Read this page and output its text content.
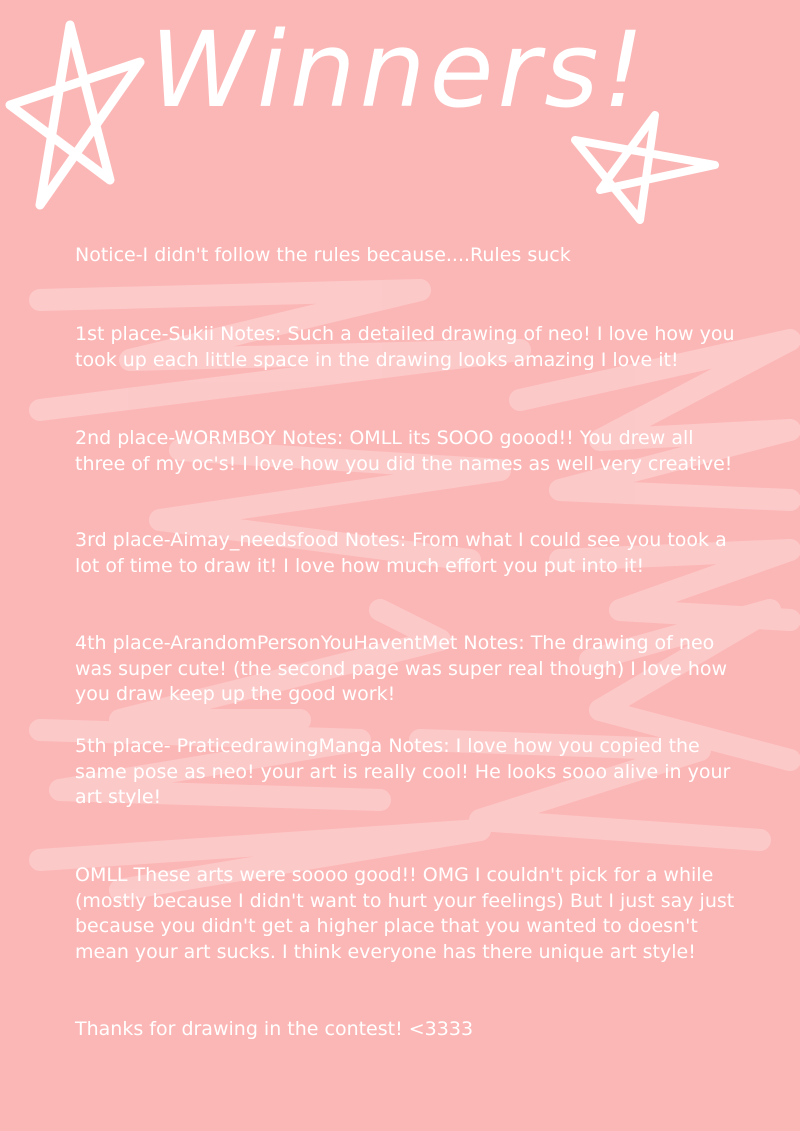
Winners!

Notice-I didn't follow the rules because....Rules suck

1st place-Sukii Notes: Such a detailed drawing of neo! I love how you took up each little space in the drawing looks amazing I love it!

2nd place-WORMBOY Notes: OMLL its SOOO goood!! You drew all three of my oc's! I love how you did the names as well very creative!

3rd place-Aimay_needsfood Notes: From what I could see you took a lot of time to draw it! I love how much effort you put into it!

4th place-ArandomPersonYouHaventMet Notes: The drawing of neo was super cute! (the second page was super real though) I love how you draw keep up the good work!

5th place- PraticedrawingManga Notes: I love how you copied the same pose as neo! your art is really cool! He looks sooo alive in your art style!

OMLL These arts were soooo good!! OMG I couldn't pick for a while (mostly because I didn't want to hurt your feelings) But I just say just because you didn't get a higher place that you wanted to doesn't mean your art sucks. I think everyone has there unique art style!

Thanks for drawing in the contest! <3333
